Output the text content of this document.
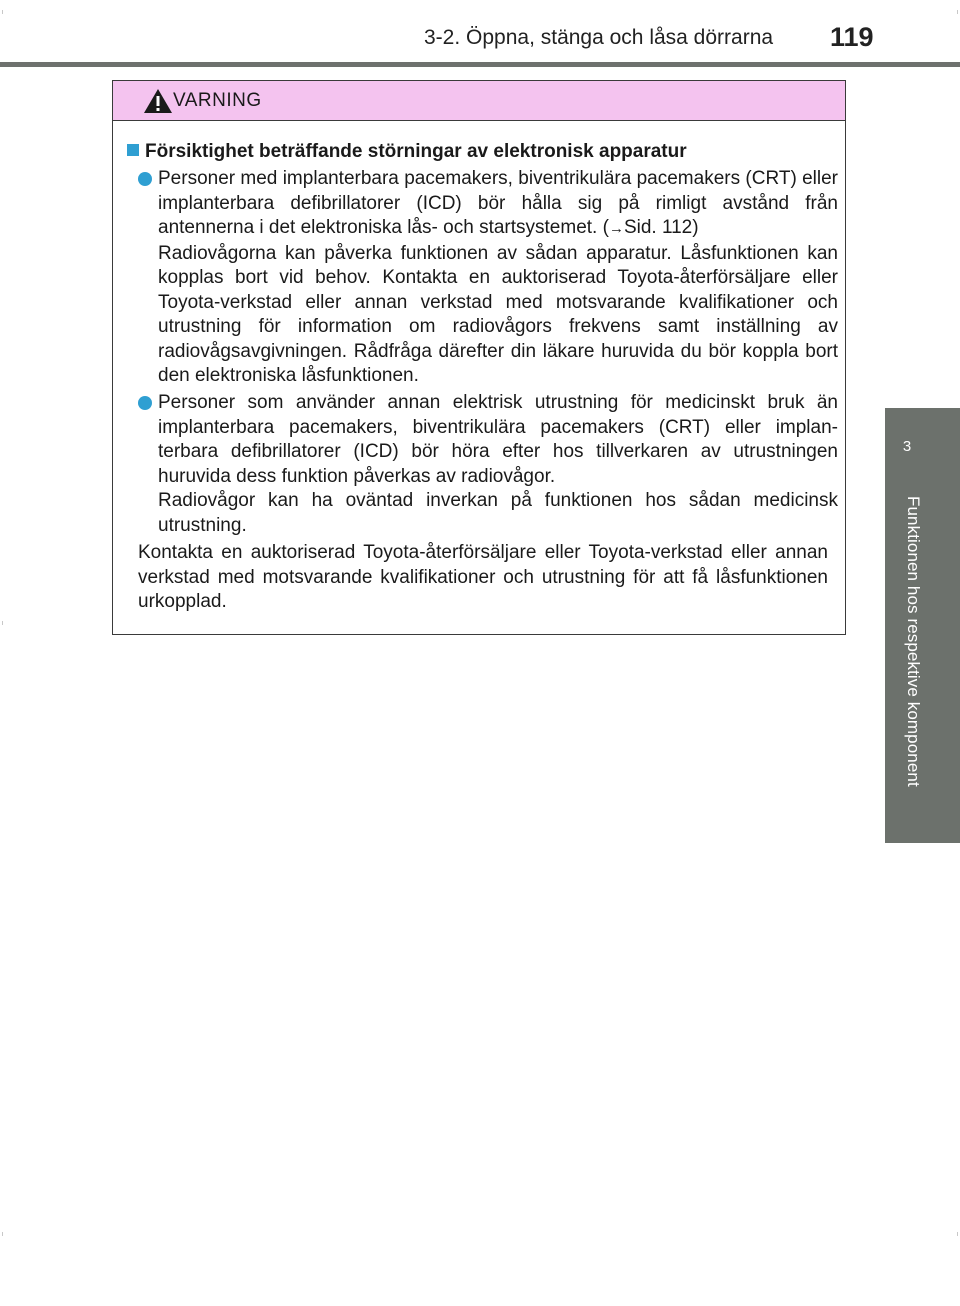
3-2. Öppna, stänga och låsa dörrarna 119
3
Funktionen hos respektive komponent
VARNING
Försiktighet beträffande störningar av elektronisk apparatur

Personer med implanterbara pacemakers, biventrikulära pacemakers (CRT) eller implanterbara defibrillatorer (ICD) bör hålla sig på rimligt avstånd från antennerna i det elektroniska lås- och startsystemet. (→Sid. 112)

Radiovågorna kan påverka funktionen av sådan apparatur. Låsfunktionen kan kopplas bort vid behov. Kontakta en auktoriserad Toyota-återförsäljare eller Toyota-verkstad eller annan verkstad med motsvarande kvalifikationer och utrustning för information om radiovågors frekvens samt inställning av radiovågsavgivningen. Rådfråga därefter din läkare huruvida du bör koppla bort den elektroniska låsfunktionen.

Personer som använder annan elektrisk utrustning för medicinskt bruk än implanterbara pacemakers, biventrikulära pacemakers (CRT) eller implan-terbara defibrillatorer (ICD) bör höra efter hos tillverkaren av utrustningen huruvida dess funktion påverkas av radiovågor.

Radiovågor kan ha oväntad inverkan på funktionen hos sådan medicinsk utrustning.

Kontakta en auktoriserad Toyota-återförsäljare eller Toyota-verkstad eller annan verkstad med motsvarande kvalifikationer och utrustning för att få låsfunktionen urkopplad.
